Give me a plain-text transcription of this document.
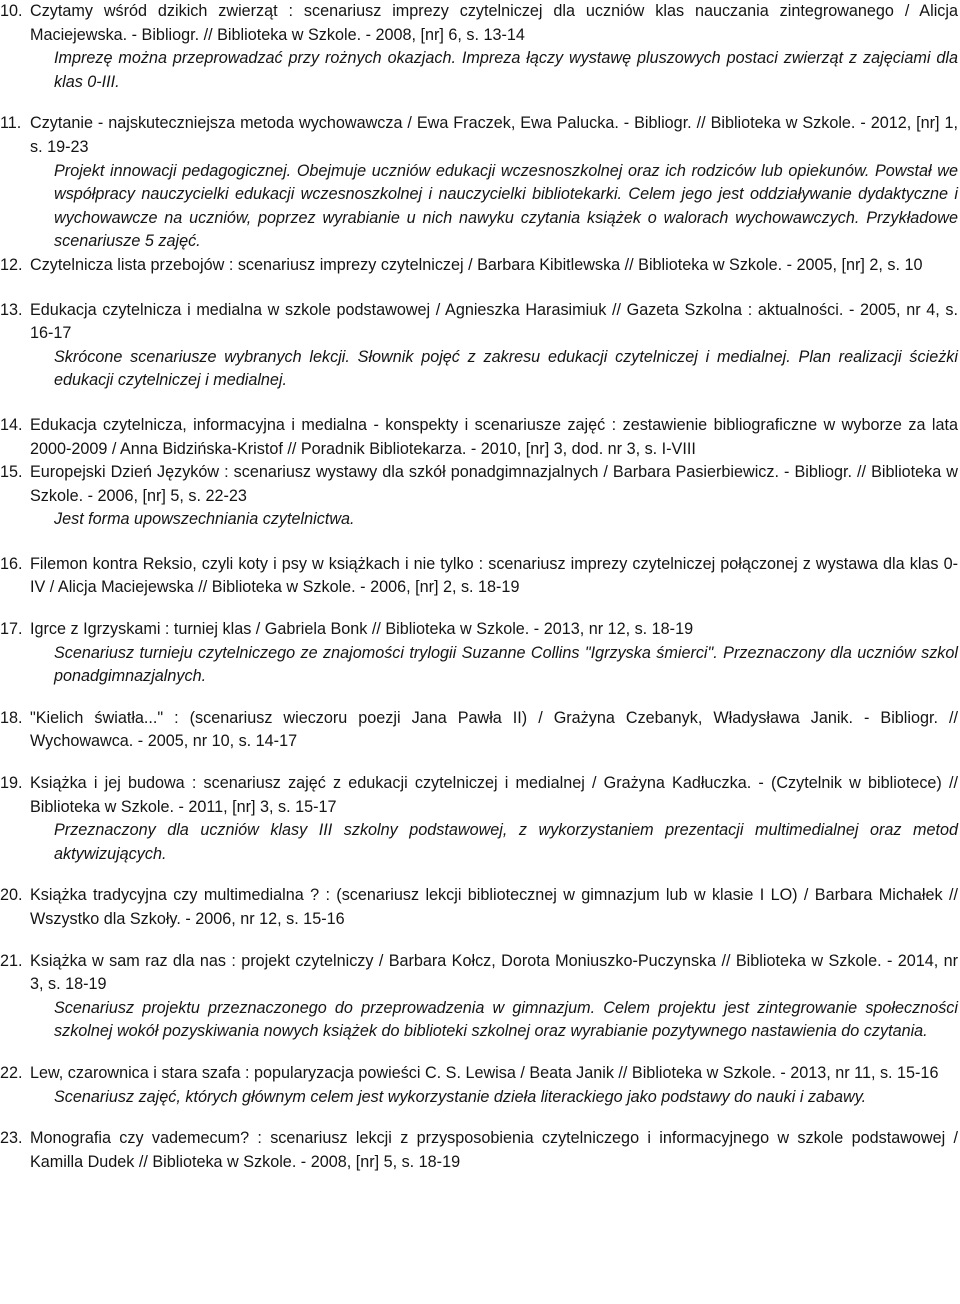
10. Czytamy wśród dzikich zwierząt : scenariusz imprezy czytelniczej dla uczniów klas nauczania zintegrowanego / Alicja Maciejewska. - Bibliogr. // Biblioteka w Szkole. - 2008, [nr] 6, s. 13-14
Imprezę można przeprowadzać przy rożnych okazjach. Impreza łączy wystawę pluszowych postaci zwierząt z zajęciami dla klas 0-III.
11. Czytanie - najskuteczniejsza metoda wychowawcza / Ewa Fraczek, Ewa Palucka. - Bibliogr. // Biblioteka w Szkole. - 2012, [nr] 1, s. 19-23
Projekt innowacji pedagogicznej. Obejmuje uczniów edukacji wczesnoszkolnej oraz ich rodziców lub opiekunów. Powstał we współpracy nauczycielki edukacji wczesnoszkolnej i nauczycielki bibliotekarki. Celem jego jest oddziaływanie dydaktyczne i wychowawcze na uczniów, poprzez wyrabianie u nich nawyku czytania książek o walorach wychowawczych. Przykładowe scenariusze 5 zajęć.
12. Czytelnicza lista przebojów : scenariusz imprezy czytelniczej / Barbara Kibitlewska // Biblioteka w Szkole. - 2005, [nr] 2, s. 10
13. Edukacja czytelnicza i medialna w szkole podstawowej / Agnieszka Harasimiuk // Gazeta Szkolna : aktualności. - 2005, nr 4, s. 16-17
Skrócone scenariusze wybranych lekcji. Słownik pojęć z zakresu edukacji czytelniczej i medialnej. Plan realizacji ścieżki edukacji czytelniczej i medialnej.
14. Edukacja czytelnicza, informacyjna i medialna - konspekty i scenariusze zajęć : zestawienie bibliograficzne w wyborze za lata 2000-2009 / Anna Bidzińska-Kristof // Poradnik Bibliotekarza. - 2010, [nr] 3, dod. nr 3, s. I-VIII
15. Europejski Dzień Języków : scenariusz wystawy dla szkół ponadgimnazjalnych / Barbara Pasierbiewicz. - Bibliogr. // Biblioteka w Szkole. - 2006, [nr] 5, s. 22-23
Jest forma upowszechniania czytelnictwa.
16. Filemon kontra Reksio, czyli koty i psy w książkach i nie tylko : scenariusz imprezy czytelniczej połączonej z wystawa dla klas 0-IV / Alicja Maciejewska // Biblioteka w Szkole. - 2006, [nr] 2, s. 18-19
17. Igrce z Igrzyskami : turniej klas / Gabriela Bonk // Biblioteka w Szkole. - 2013, nr 12, s. 18-19
Scenariusz turnieju czytelniczego ze znajomości trylogii Suzanne Collins "Igrzyska śmierci". Przeznaczony dla uczniów szkol ponadgimnazjalnych.
18. "Kielich światła..." : (scenariusz wieczoru poezji Jana Pawła II) / Grażyna Czebanyk, Władysława Janik. - Bibliogr. // Wychowawca. - 2005, nr 10, s. 14-17
19. Książka i jej budowa : scenariusz zajęć z edukacji czytelniczej i medialnej / Grażyna Kadłuczka. - (Czytelnik w bibliotece) // Biblioteka w Szkole. - 2011, [nr] 3, s. 15-17
Przeznaczony dla uczniów klasy III szkolny podstawowej, z wykorzystaniem prezentacji multimedialnej oraz metod aktywizujących.
20. Książka tradycyjna czy multimedialna ? : (scenariusz lekcji bibliotecznej w gimnazjum lub w klasie I LO) / Barbara Michałek // Wszystko dla Szkoły. - 2006, nr 12, s. 15-16
21. Książka w sam raz dla nas : projekt czytelniczy / Barbara Kołcz, Dorota Moniuszko-Puczynska // Biblioteka w Szkole. - 2014, nr 3, s. 18-19
Scenariusz projektu przeznaczonego do przeprowadzenia w gimnazjum. Celem projektu jest zintegrowanie społeczności szkolnej wokół pozyskiwania nowych książek do biblioteki szkolnej oraz wyrabianie pozytywnego nastawienia do czytania.
22. Lew, czarownica i stara szafa : popularyzacja powieści C. S. Lewisa / Beata Janik // Biblioteka w Szkole. - 2013, nr 11, s. 15-16
Scenariusz zajęć, których głównym celem jest wykorzystanie dzieła literackiego jako podstawy do nauki i zabawy.
23. Monografia czy vademecum? : scenariusz lekcji z przysposobienia czytelniczego i informacyjnego w szkole podstawowej / Kamilla Dudek // Biblioteka w Szkole. - 2008, [nr] 5, s. 18-19
